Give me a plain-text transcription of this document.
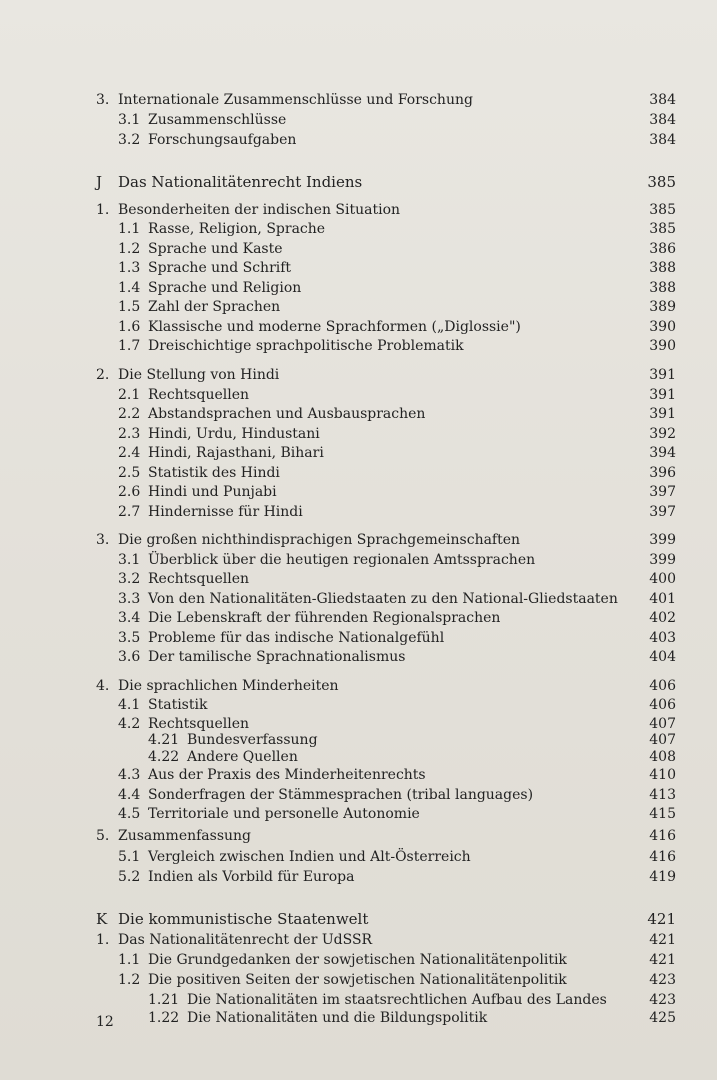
3. Internationale Zusammenschlüsse und Forschung	384
3.1 Zusammenschlüsse	384
3.2 Forschungsaufgaben	384
J Das Nationalitätenrecht Indiens	385
1. Besonderheiten der indischen Situation	385
1.1 Rasse, Religion, Sprache	385
1.2 Sprache und Kaste	386
1.3 Sprache und Schrift	388
1.4 Sprache und Religion	388
1.5 Zahl der Sprachen	389
1.6 Klassische und moderne Sprachformen („Diglossie")	390
1.7 Dreischichtige sprachpolitische Problematik	390
2. Die Stellung von Hindi	391
2.1 Rechtsquellen	391
2.2 Abstandsprachen und Ausbausprachen	391
2.3 Hindi, Urdu, Hindustani	392
2.4 Hindi, Rajasthani, Bihari	394
2.5 Statistik des Hindi	396
2.6 Hindi und Punjabi	397
2.7 Hindernisse für Hindi	397
3. Die großen nichthindisprachigen Sprachgemeinschaften	399
3.1 Überblick über die heutigen regionalen Amtssprachen	399
3.2 Rechtsquellen	400
3.3 Von den Nationalitäten-Gliedstaaten zu den National-Gliedstaaten	401
3.4 Die Lebenskraft der führenden Regionalsprachen	402
3.5 Probleme für das indische Nationalgefühl	403
3.6 Der tamilische Sprachnationalismus	404
4. Die sprachlichen Minderheiten	406
4.1 Statistik	406
4.2 Rechtsquellen	407
4.21 Bundesverfassung	407
4.22 Andere Quellen	408
4.3 Aus der Praxis des Minderheitenrechts	410
4.4 Sonderfragen der Stämmesprachen (tribal languages)	413
4.5 Territoriale und personelle Autonomie	415
5. Zusammenfassung	416
5.1 Vergleich zwischen Indien und Alt-Österreich	416
5.2 Indien als Vorbild für Europa	419
K Die kommunistische Staatenwelt	421
1. Das Nationalitätenrecht der UdSSR	421
1.1 Die Grundgedanken der sowjetischen Nationalitätenpolitik	421
1.2 Die positiven Seiten der sowjetischen Nationalitätenpolitik	423
1.21 Die Nationalitäten im staatsrechtlichen Aufbau des Landes	423
1.22 Die Nationalitäten und die Bildungspolitik	425
12
